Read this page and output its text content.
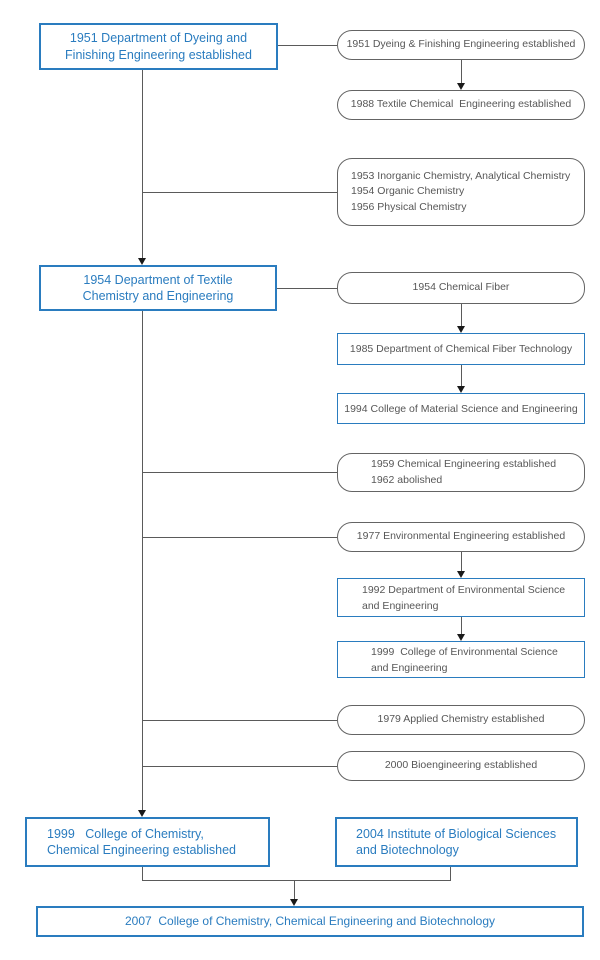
1951 Department of Dyeing and
Finishing Engineering established
1954 Department of Textile
Chemistry and Engineering
1999   College of Chemistry,
Chemical Engineering established
2004 Institute of Biological Sciences
and Biotechnology
2007  College of Chemistry, Chemical Engineering and Biotechnology
1951 Dyeing & Finishing Engineering established
1988 Textile Chemical  Engineering established
1953 Inorganic Chemistry, Analytical Chemistry
1954 Organic Chemistry
1956 Physical Chemistry
1954 Chemical Fiber
1985 Department of Chemical Fiber Technology
1994 College of Material Science and Engineering
1959 Chemical Engineering established
1962 abolished
1977 Environmental Engineering established
1992 Department of Environmental Science
and Engineering
1999  College of Environmental Science
and Engineering
1979 Applied Chemistry established
2000 Bioengineering established
